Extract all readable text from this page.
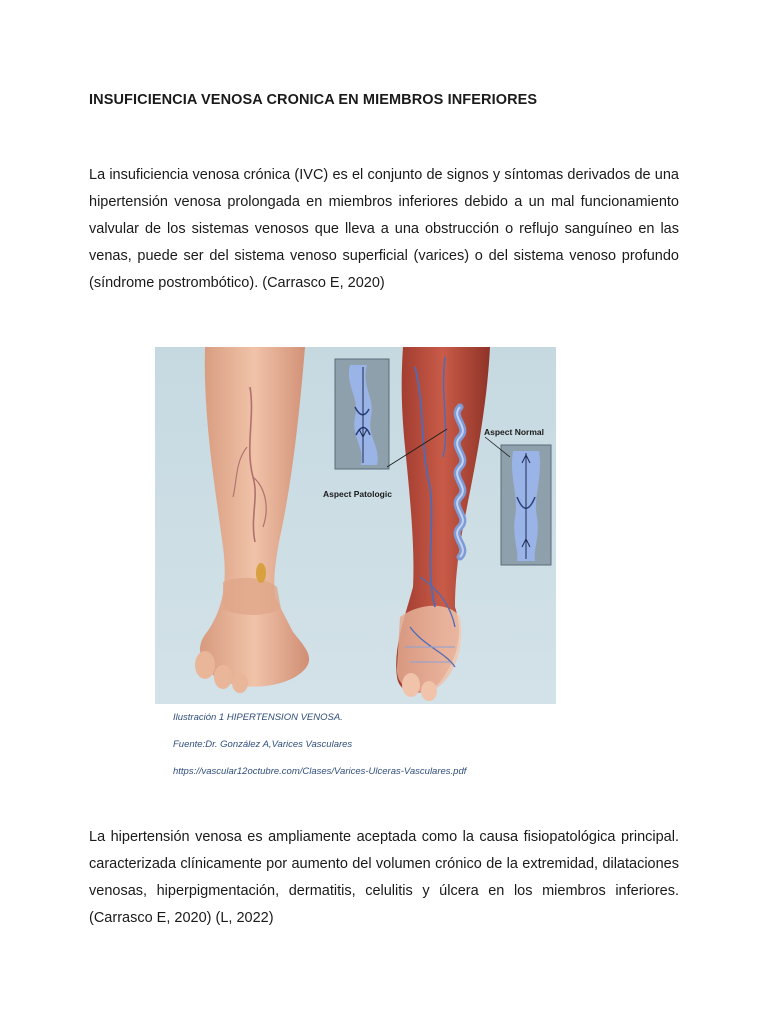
INSUFICIENCIA VENOSA CRONICA EN MIEMBROS INFERIORES

La insuficiencia venosa crónica (IVC) es el conjunto de signos y síntomas derivados de una hipertensión venosa prolongada en miembros inferiores debido a un mal funcionamiento valvular de los sistemas venosos que lleva a una obstrucción o reflujo sanguíneo en las venas, puede ser del sistema venoso superficial (varices) o del sistema venoso profundo (síndrome postrombótico). (Carrasco E, 2020)

Aspect Normal
Aspect Patologic

Ilustración 1 HIPERTENSION VENOSA.

Fuente:Dr. González A,Varices Vasculares

https://vascular12octubre.com/Clases/Varices-Ulceras-Vasculares.pdf

La hipertensión venosa es ampliamente aceptada como la causa fisiopatológica principal. caracterizada clínicamente por aumento del volumen crónico de la extremidad, dilataciones venosas, hiperpigmentación, dermatitis, celulitis y úlcera en los miembros inferiores. (Carrasco E, 2020) (L, 2022)
